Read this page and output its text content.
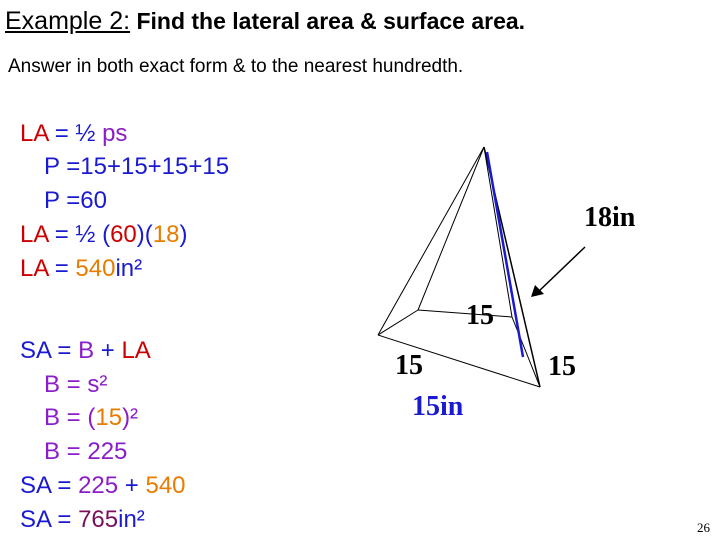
Example 2: Find the lateral area & surface area.
Answer in both exact form & to the nearest hundredth.
LA = ½ ps
P =15+15+15+15
P =60
LA = ½ (60)(18)
LA = 540in²
SA = B + LA
B = s²
B = (15)²
B = 225
SA = 225 + 540
SA = 765in²
18in
15
15	15
15in
26
